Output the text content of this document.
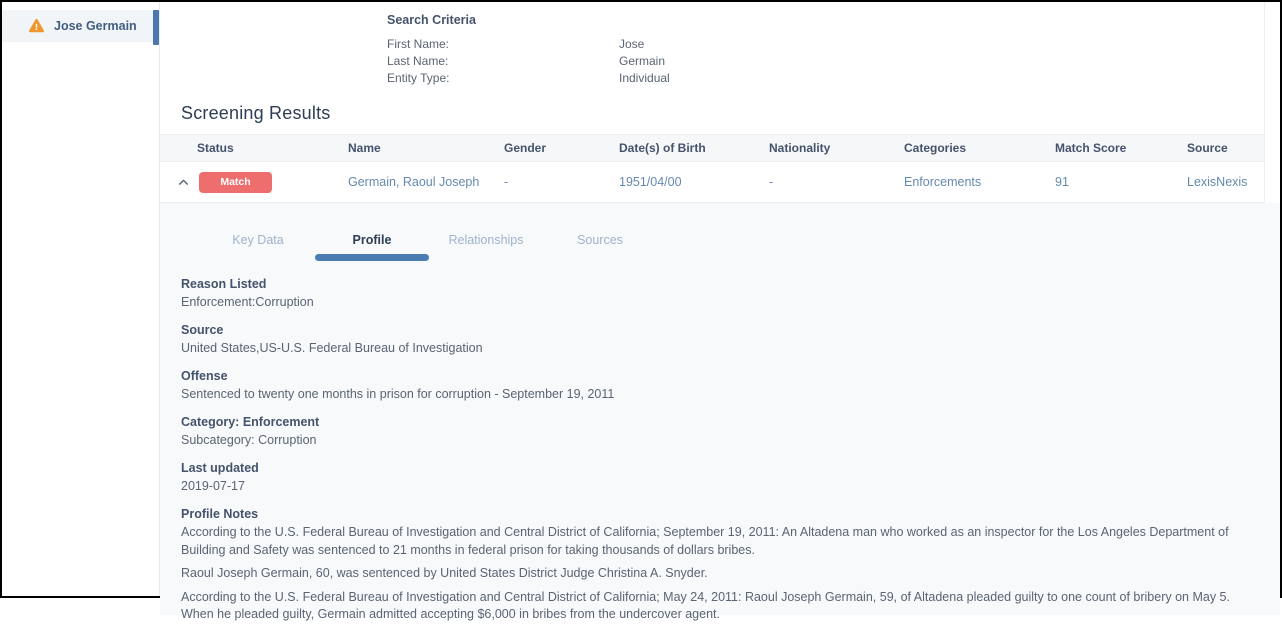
Jose Germain	Search Criteria
First Name:	Jose
Last Name:	Germain
Entity Type:	Individual
Screening Results
Status	Name	Gender	Date(s) of Birth	Nationality	Categories	Match Score	Source
Match	Germain, Raoul Joseph	-	1951/04/00	-	Enforcements	91	LexisNexis
Key Data	Profile	Relationships	Sources
Reason Listed
Enforcement:Corruption
Source
United States,US-U.S. Federal Bureau of Investigation
Offense
Sentenced to twenty one months in prison for corruption - September 19, 2011
Category: Enforcement
Subcategory: Corruption
Last updated
2019-07-17
Profile Notes

According to the U.S. Federal Bureau of Investigation and Central District of California; September 19, 2011: An Altadena man who worked as an inspector for the Los Angeles Department of Building and Safety was sentenced to 21 months in federal prison for taking thousands of dollars bribes.

Raoul Joseph Germain, 60, was sentenced by United States District Judge Christina A. Snyder.

According to the U.S. Federal Bureau of Investigation and Central District of California; May 24, 2011: Raoul Joseph Germain, 59, of Altadena pleaded guilty to one count of bribery on May 5. When he pleaded guilty, Germain admitted accepting $6,000 in bribes from the undercover agent.
